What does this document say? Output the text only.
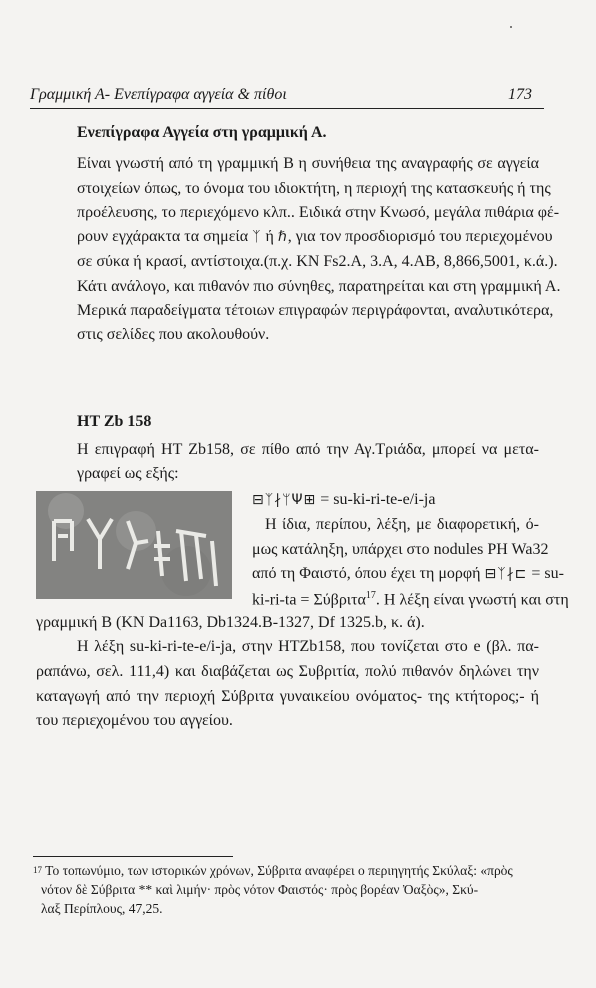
Γραμμική Α- Ενεπίγραφα αγγεία & πίθοι	173
Ενεπίγραφα Αγγεία στη γραμμική Α.
Είναι γνωστή από τη γραμμική Β η συνήθεια της αναγραφής σε αγγεία
στοιχείων όπως, το όνομα του ιδιοκτήτη, η περιοχή της κατασκευής ή της
προέλευσης, το περιεχόμενο κλπ.. Ειδικά στην Κνωσό, μεγάλα πιθάρια φέ-
ρουν εγχάρακτα τα σημεία ᛉ ή ℏ, για τον προσδιορισμό του περιεχομένου
σε σύκα ή κρασί, αντίστοιχα.(π.χ. KN Fs2.A, 3.A, 4.AB, 8,866,5001, κ.ά.).
Κάτι ανάλογο, και πιθανόν πιο σύνηθες, παρατηρείται και στη γραμμική Α.
Μερικά παραδείγματα τέτοιων επιγραφών περιγράφονται, αναλυτικότερα,
στις σελίδες που ακολουθούν.
HT Zb 158
Η επιγραφή HT Zb158, σε πίθο από την Αγ.Τριάδα, μπορεί να μετα-
γραφεί ως εξής:
⊟ᛉ∤ᛘΨ⊞ = su-ki-ri-te-e/i-ja
Η ίδια, περίπου, λέξη, με διαφορετική, ό-
μως κατάληξη, υπάρχει στο nodules PH Wa32
από τη Φαιστό, όπου έχει τη μορφή ⊟ᛉ∤⊏ = su-
ki-ri-ta = Σύβριτα$^{17}$. Η λέξη είναι γνωστή και στη
γραμμική Β (KN Da1163, Db1324.B-1327, Df 1325.b, κ. ά).
Η λέξη su-ki-ri-te-e/i-ja, στην HTZb158, που τονίζεται στο e (βλ. πα-
ραπάνω, σελ. 111,4) και διαβάζεται ως Συβριτία, πολύ πιθανόν δηλώνει την
καταγωγή από την περιοχή Σύβριτα γυναικείου ονόματος- της κτήτορος;- ή
του περιεχομένου του αγγείου.
$^{17}$ Το τοπωνύμιο, των ιστορικών χρόνων, Σύβριτα αναφέρει ο περιηγητής Σκύλαξ: «πρὸς
νότον δὲ Σύβριτα ** καὶ λιμήν· πρὸς νότον Φαιστός· πρὸς βορέαν Ὀαξὸς», Σκύ-
λαξ Περίπλους, 47,25.
